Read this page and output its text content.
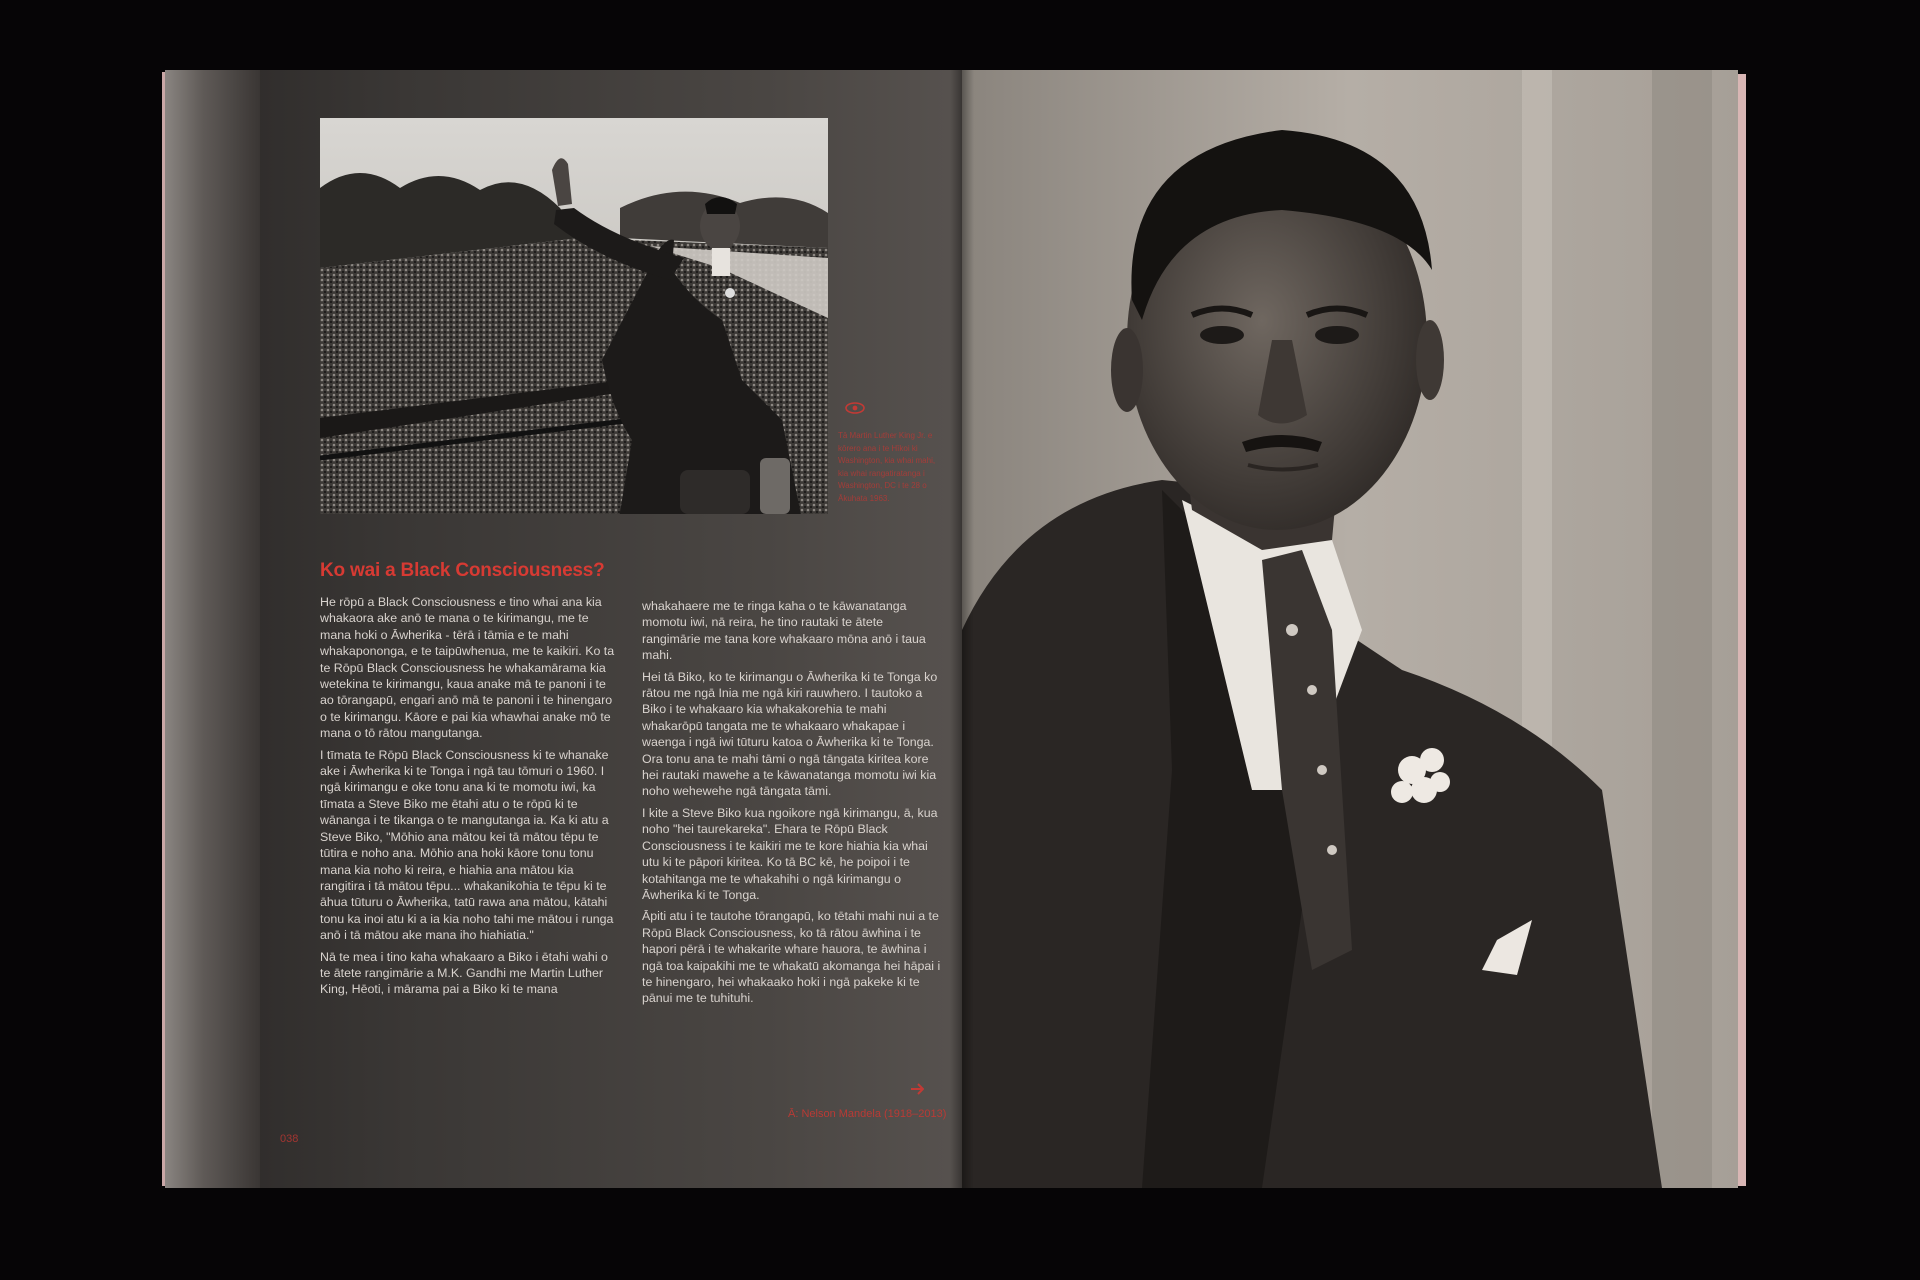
Tā Martin Luther King Jr. e kōrero ana i te Hīkoi ki Washington, kia whai mahi, kia whai rangatiratanga i Washington, DC i te 28 o Ākuhata 1963.
Ko wai a Black Consciousness?

He rōpū a Black Consciousness e tino whai ana kia whakaora ake anō te mana o te kirimangu, me te mana hoki o Āwherika - tērā i tāmia e te mahi whakapononga, e te taipūwhenua, me te kaikiri. Ko ta te Rōpū Black Consciousness he whakamārama kia wetekina te kirimangu, kaua anake mā te panoni i te ao tōrangapū, engari anō mā te panoni i te hinengaro o te kirimangu. Kāore e pai kia whawhai anake mō te mana o tō rātou mangutanga.

I tīmata te Rōpū Black Consciousness ki te whanake ake i Āwherika ki te Tonga i ngā tau tōmuri o 1960. I ngā kirimangu e oke tonu ana ki te momotu iwi, ka tīmata a Steve Biko me ētahi atu o te rōpū ki te wānanga i te tikanga o te mangutanga ia. Ka ki atu a Steve Biko, "Mōhio ana mātou kei tā mātou tēpu te tūtira e noho ana. Mōhio ana hoki kāore tonu tonu mana kia noho ki reira, e hiahia ana mātou kia rangitira i tā mātou tēpu... whakanikohia te tēpu ki te āhua tūturu o Āwherika, tatū rawa ana mātou, kātahi tonu ka inoi atu ki a ia kia noho tahi me mātou i runga anō i tā mātou ake mana iho hiahiatia."

Nā te mea i tino kaha whakaaro a Biko i ētahi wahi o te ātete rangimārie a M.K. Gandhi me Martin Luther King, Hēoti, i mārama pai a Biko ki te mana

whakahaere me te ringa kaha o te kāwanatanga momotu iwi, nā reira, he tino rautaki te ātete rangimārie me tana kore whakaaro mōna anō i taua mahi.

Hei tā Biko, ko te kirimangu o Āwherika ki te Tonga ko rātou me ngā Inia me ngā kiri rauwhero. I tautoko a Biko i te whakaaro kia whakakorehia te mahi whakarōpū tangata me te whakaaro whakapae i waenga i ngā iwi tūturu katoa o Āwherika ki te Tonga. Ora tonu ana te mahi tāmi o ngā tāngata kiritea kore hei rautaki mawehe a te kāwanatanga momotu iwi kia noho wehewehe ngā tāngata tāmi.

I kite a Steve Biko kua ngoikore ngā kirimangu, ā, kua noho "hei taurekareka". Ehara te Rōpū Black Consciousness i te kaikiri me te kore hiahia kia whai utu ki te pāpori kiritea. Ko tā BC kē, he poipoi i te kotahitanga me te whakahihi o ngā kirimangu o Āwherika ki te Tonga.

Āpiti atu i te tautohe tōrangapū, ko tētahi mahi nui a te Rōpū Black Consciousness, ko tā rātou āwhina i te hapori pērā i te whakarite whare hauora, te āwhina i ngā toa kaipakihi me te whakatū akomanga hei hāpai i te hinengaro, hei whakaako hoki i ngā pakeke ki te pānui me te tuhituhi.

Ā: Nelson Mandela (1918–2013)
038
